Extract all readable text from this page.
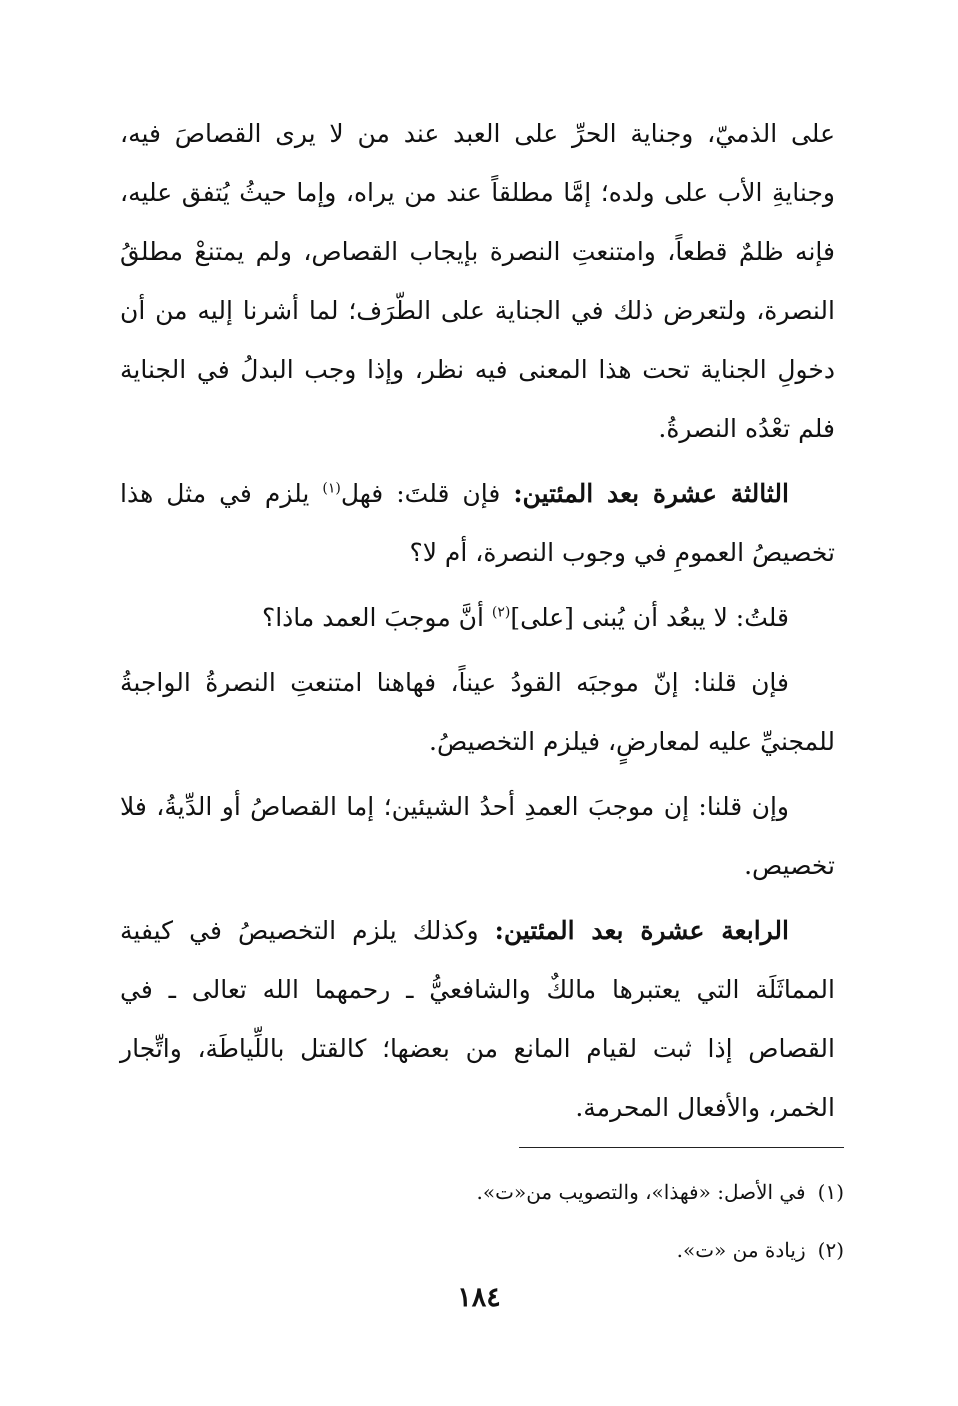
على الذميّ، وجناية الحرِّ على العبد عند من لا يرى القصاصَ فيه، وجنايةِ الأب على ولده؛ إمَّا مطلقاً عند من يراه، وإما حيثُ يُتفق عليه، فإنه ظلمٌ قطعاً، وامتنعتِ النصرة بإيجاب القصاص، ولم يمتنعْ مطلقُ النصرة، ولتعرض ذلك في الجناية على الطّرَف؛ لما أشرنا إليه من أن دخولِ الجناية تحت هذا المعنى فيه نظر، وإذا وجب البدلُ في الجناية فلم تعْدُه النصرةُ.

الثالثة عشرة بعد المئتين: فإن قلتَ: فهل$^{(١)}$ يلزم في مثل هذا تخصيصُ العمومِ في وجوب النصرة، أم لا؟

قلتُ: لا يبعُد أن يُبنى [على]$^{(٢)}$ أنَّ موجبَ العمد ماذا؟

فإن قلنا: إنّ موجبَه القودُ عيناً، فهاهنا امتنعتِ النصرةُ الواجبةُ للمجنيِّ عليه لمعارضٍ، فيلزم التخصيصُ.

وإن قلنا: إن موجبَ العمدِ أحدُ الشيئين؛ إما القصاصُ أو الدِّيةُ، فلا تخصيص.

الرابعة عشرة بعد المئتين: وكذلك يلزم التخصيصُ في كيفية المماثَلَة التي يعتبرها مالكٌ والشافعيُّ ـ رحمهما الله تعالى ـ في القصاص إذا ثبت لقيام المانع من بعضها؛ كالقتل باللِّياطَة، واتِّجار الخمر، والأفعال المحرمة.

(١)في الأصل: «فهذا»، والتصويب من«ت».

(٢)زيادة من «ت».

١٨٤
